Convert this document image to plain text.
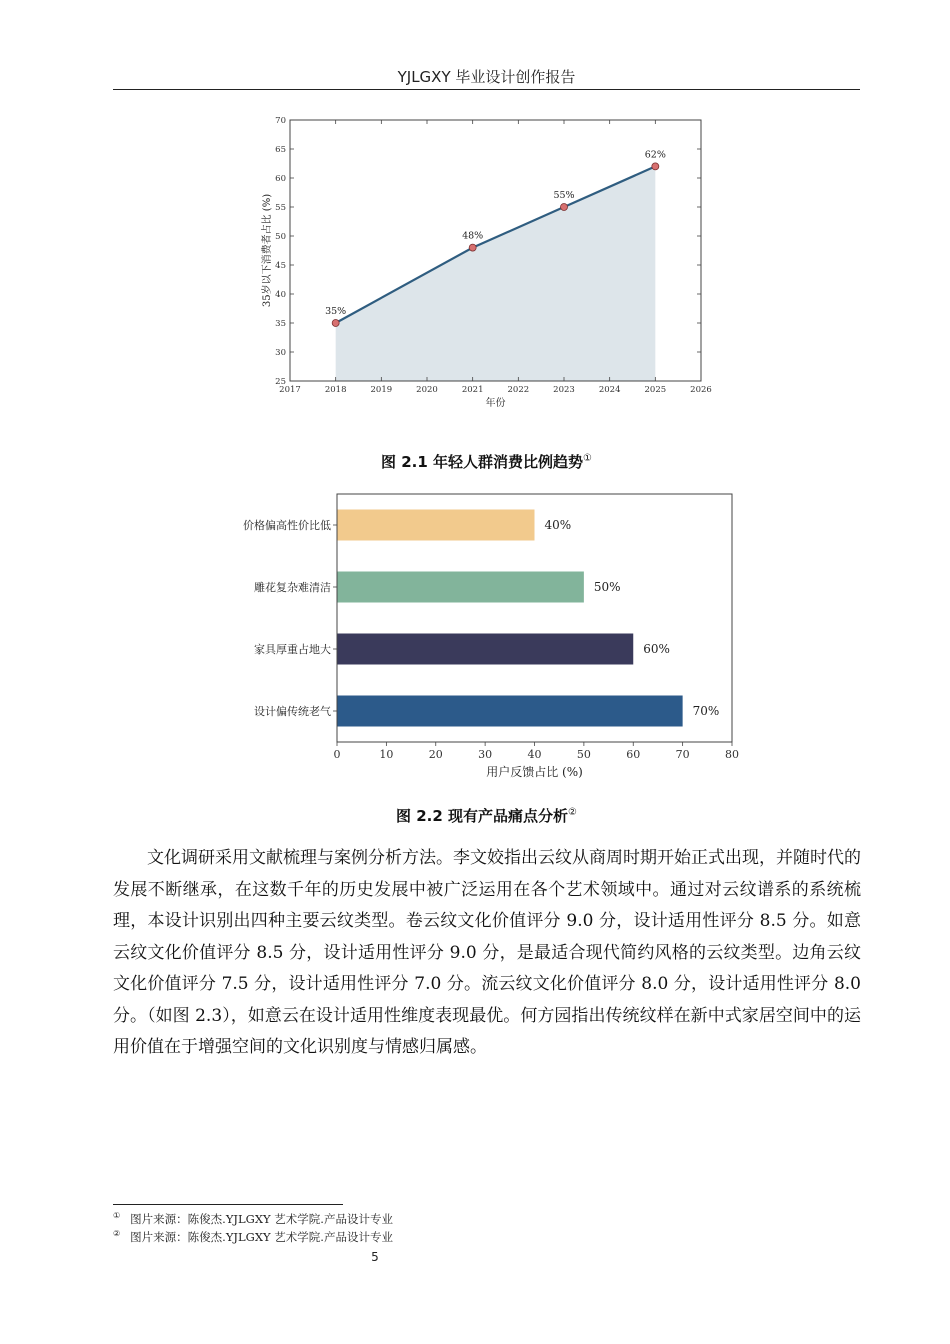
YJLGXY 毕业设计创作报告
35%
48%
55%
62%
2017	2018	2019	2020	2021	2022	2023	2024	2025	2026
25
30
35
40
45
50
55
60
65
70
年份
35岁以下消费者占比 (%)
图 2.1 年轻人群消费比例趋势①
40%
50%
60%
70%
价格偏高性价比低
雕花复杂难清洁
家具厚重占地大
设计偏传统老气
0	10	20	30	40	50	60	70	80
用户反馈占比 (%)
图 2.2 现有产品痛点分析②

文化调研采用文献梳理与案例分析方法。李文姣指出云纹从商周时期开始正式出现，并随时代的发展不断继承，在这数千年的历史发展中被广泛运用在各个艺术领域中。通过对云纹谱系的系统梳理，本设计识别出四种主要云纹类型。卷云纹文化价值评分 9.0 分，设计适用性评分 8.5 分。如意云纹文化价值评分 8.5 分，设计适用性评分 9.0 分，是最适合现代简约风格的云纹类型。边角云纹文化价值评分 7.5 分，设计适用性评分 7.0 分。流云纹文化价值评分 8.0 分，设计适用性评分 8.0 分。（如图 2.3），如意云在设计适用性维度表现最优。何方园指出传统纹样在新中式家居空间中的运用价值在于增强空间的文化识别度与情感归属感。

① 图片来源：陈俊杰.YJLGXY 艺术学院.产品设计专业
② 图片来源：陈俊杰.YJLGXY 艺术学院.产品设计专业
5
